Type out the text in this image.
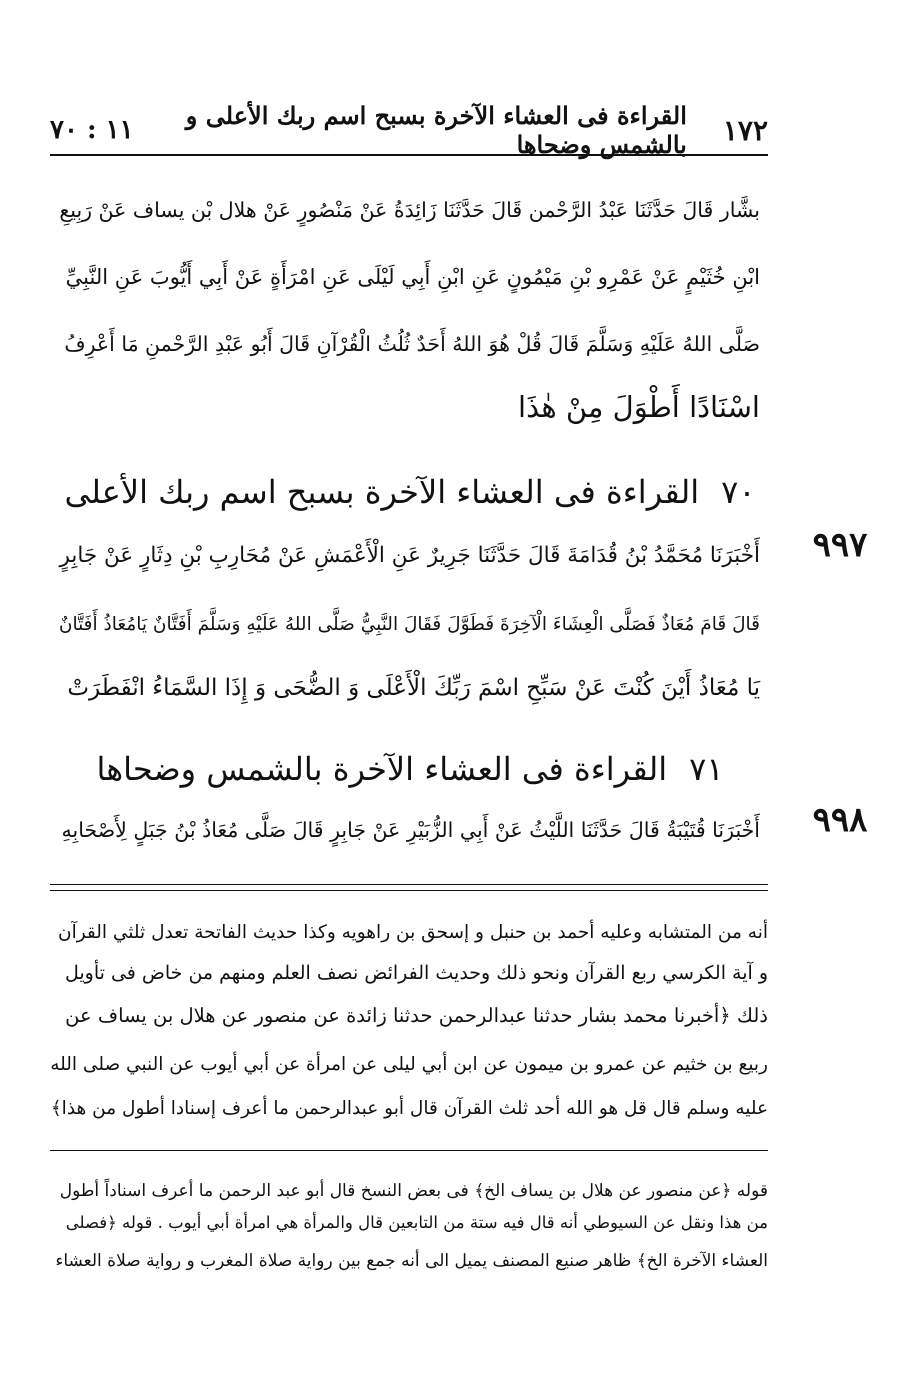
١٧٢
القراءة فى العشاء الآخرة بسبح اسم ربك الأعلى و بالشمس وضحاها
١١ : ٧٠
بشَّار قَالَ حَدَّثَنَا عَبْدُ الرَّحْمن قَالَ حَدَّثَنَا زَائِدَةُ عَنْ مَنْصُورٍ عَنْ هلال بْن يساف عَنْ رَبِيعِ
ابْنِ خُثَيْمٍ عَنْ عَمْرِو بْنِ مَيْمُونٍ عَنِ ابْنِ أَبِي لَيْلَى عَنِ امْرَأَةٍ عَنْ أَبِي أَيُّوبَ عَنِ النَّبِيِّ
صَلَّى اللهُ عَلَيْهِ وَسَلَّمَ قَالَ قُلْ هُوَ اللهُ أَحَدٌ ثُلُثُ الْقُرْآنِ قَالَ أَبُو عَبْدِ الرَّحْمنِ مَا أَعْرِفُ
اسْنَادًا أَطْوَلَ مِنْ هٰذَا
٧٠القراءة فى العشاء الآخرة بسبح اسم ربك الأعلى
٩٩٧
أَخْبَرَنَا مُحَمَّدُ بْنُ قُدَامَةَ قَالَ حَدَّثَنَا جَرِيرٌ عَنِ الْأَعْمَشِ عَنْ مُحَارِبِ بْنِ دِثَارٍ عَنْ جَابِرٍ
قَالَ قَامَ مُعَاذٌ فَصَلَّى الْعِشَاءَ الْآخِرَةَ فَطَوَّلَ فَقَالَ النَّبِيُّ صَلَّى اللهُ عَلَيْهِ وَسَلَّمَ أَفَتَّانٌ يَامُعَاذُ أَفَتَّانٌ
يَا مُعَاذُ أَيْنَ كُنْتَ عَنْ سَبِّحِ اسْمَ رَبِّكَ الْأَعْلَى وَ الضُّحَى وَ إِذَا السَّمَاءُ انْفَطَرَتْ
٧١القراءة فى العشاء الآخرة بالشمس وضحاها
٩٩٨
أَخْبَرَنَا قُتَيْبَةُ قَالَ حَدَّثَنَا اللَّيْثُ عَنْ أَبِي الزُّبَيْرِ عَنْ جَابِرٍ قَالَ صَلَّى مُعَاذُ بْنُ جَبَلٍ لِأَصْحَابِهِ
أنه من المتشابه وعليه أحمد بن حنبل و إسحق بن راهويه وكذا حديث الفاتحة تعدل ثلثي القرآن
و آية الكرسي ربع القرآن ونحو ذلك وحديث الفرائض نصف العلم ومنهم من خاض فى تأويل
ذلك ﴿أخبرنا محمد بشار حدثنا عبدالرحمن حدثنا زائدة عن منصور عن هلال بن يساف عن
ربيع بن خثيم عن عمرو بن ميمون عن ابن أبي ليلى عن امرأة عن أبي أيوب عن النبي صلى الله
عليه وسلم قال قل هو الله أحد ثلث القرآن قال أبو عبدالرحمن ما أعرف إسنادا أطول من هذا﴾
قوله ﴿عن منصور عن هلال بن يساف الخ﴾ فى بعض النسخ قال أبو عبد الرحمن ما أعرف اسناداً أطول
من هذا ونقل عن السيوطي أنه قال فيه ستة من التابعين قال والمرأة هي امرأة أبي أيوب . قوله ﴿فصلى
العشاء الآخرة الخ﴾ ظاهر صنيع المصنف يميل الى أنه جمع بين رواية صلاة المغرب و رواية صلاة العشاء
